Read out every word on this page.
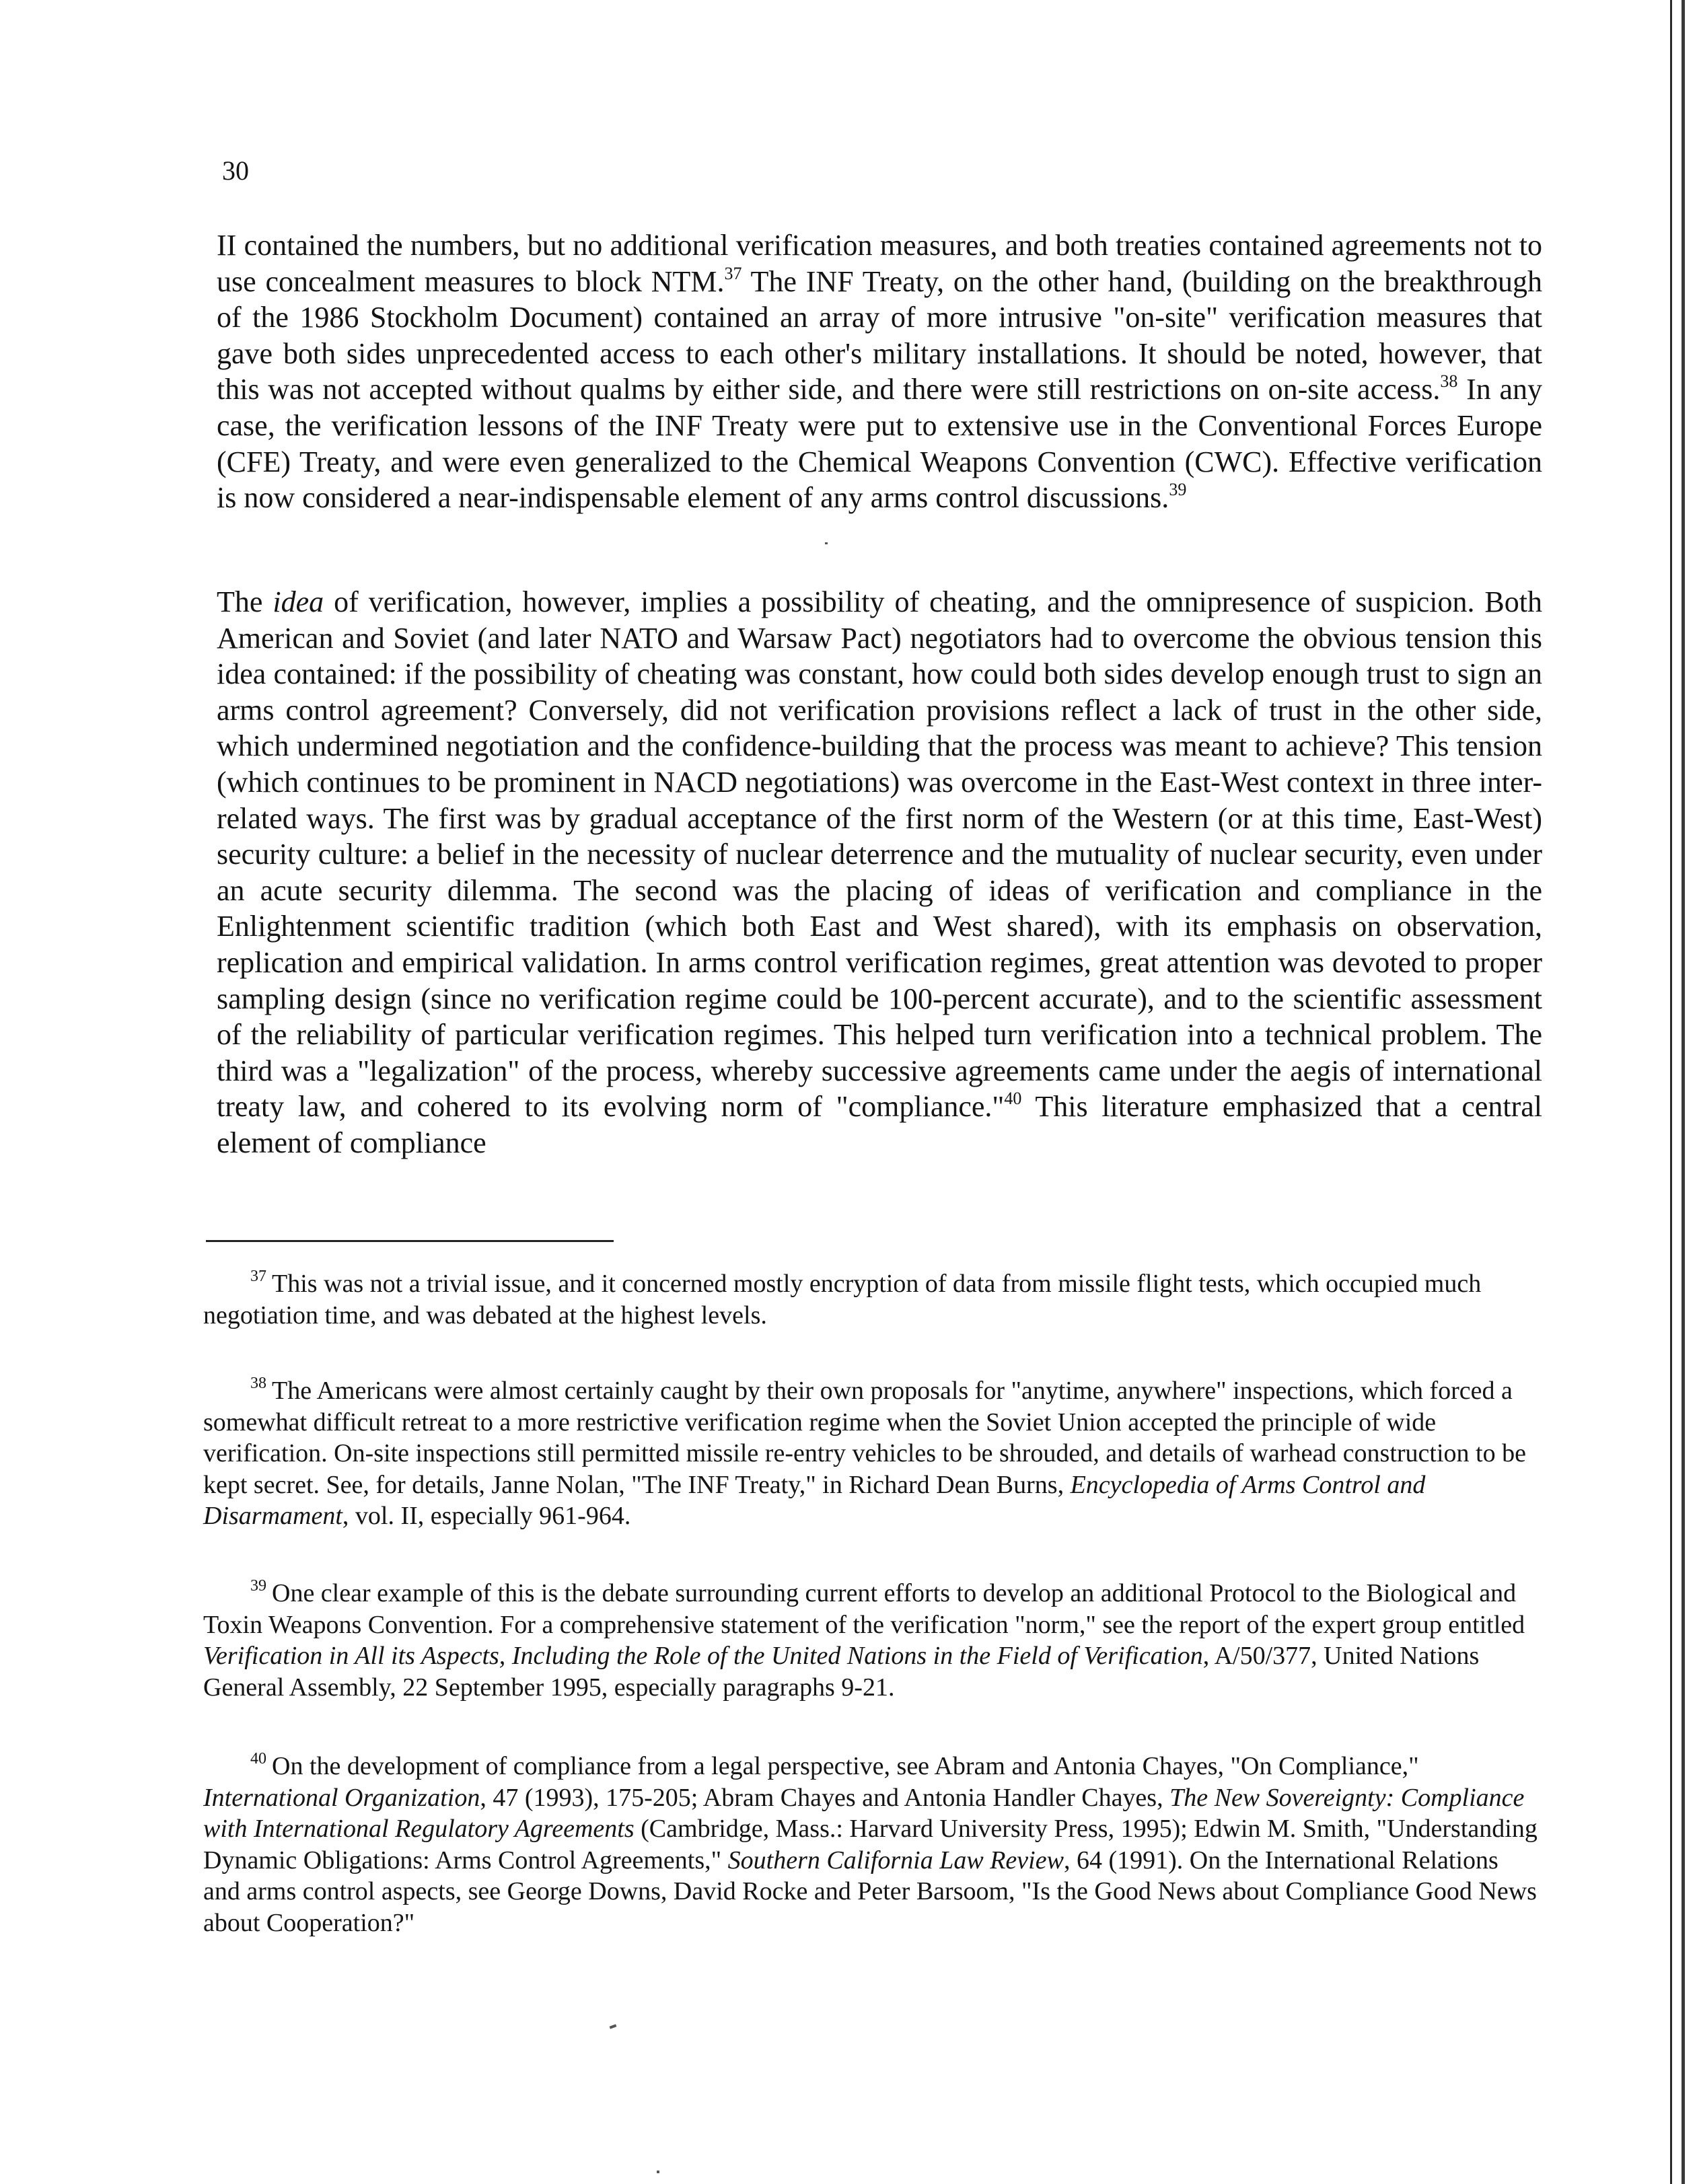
30

II contained the numbers, but no additional verification measures, and both treaties contained agreements not to use concealment measures to block NTM.$^{37}$ The INF Treaty, on the other hand, (building on the breakthrough of the 1986 Stockholm Document) contained an array of more intrusive "on-site" verification measures that gave both sides unprecedented access to each other's military installations. It should be noted, however, that this was not accepted without qualms by either side, and there were still restrictions on on-site access.$^{38}$ In any case, the verification lessons of the INF Treaty were put to extensive use in the Conventional Forces Europe (CFE) Treaty, and were even generalized to the Chemical Weapons Convention (CWC). Effective verification is now considered a near-indispensable element of any arms control discussions.$^{39}$

The idea of verification, however, implies a possibility of cheating, and the omnipresence of suspicion. Both American and Soviet (and later NATO and Warsaw Pact) negotiators had to overcome the obvious tension this idea contained: if the possibility of cheating was constant, how could both sides develop enough trust to sign an arms control agreement? Conversely, did not verification provisions reflect a lack of trust in the other side, which undermined negotiation and the confidence-building that the process was meant to achieve? This tension (which continues to be prominent in NACD negotiations) was overcome in the East-West context in three inter-related ways. The first was by gradual acceptance of the first norm of the Western (or at this time, East-West) security culture: a belief in the necessity of nuclear deterrence and the mutuality of nuclear security, even under an acute security dilemma. The second was the placing of ideas of verification and compliance in the Enlightenment scientific tradition (which both East and West shared), with its emphasis on observation, replication and empirical validation. In arms control verification regimes, great attention was devoted to proper sampling design (since no verification regime could be 100-percent accurate), and to the scientific assessment of the reliability of particular verification regimes. This helped turn verification into a technical problem. The third was a "legalization" of the process, whereby successive agreements came under the aegis of international treaty law, and cohered to its evolving norm of "compliance."$^{40}$ This literature emphasized that a central element of compliance

$^{37}$ This was not a trivial issue, and it concerned mostly encryption of data from missile flight tests, which occupied much negotiation time, and was debated at the highest levels.

$^{38}$ The Americans were almost certainly caught by their own proposals for "anytime, anywhere" inspections, which forced a somewhat difficult retreat to a more restrictive verification regime when the Soviet Union accepted the principle of wide verification. On-site inspections still permitted missile re-entry vehicles to be shrouded, and details of warhead construction to be kept secret. See, for details, Janne Nolan, "The INF Treaty," in Richard Dean Burns, Encyclopedia of Arms Control and Disarmament, vol. II, especially 961-964.

$^{39}$ One clear example of this is the debate surrounding current efforts to develop an additional Protocol to the Biological and Toxin Weapons Convention. For a comprehensive statement of the verification "norm," see the report of the expert group entitled Verification in All its Aspects, Including the Role of the United Nations in the Field of Verification, A/50/377, United Nations General Assembly, 22 September 1995, especially paragraphs 9-21.

$^{40}$ On the development of compliance from a legal perspective, see Abram and Antonia Chayes, "On Compliance," International Organization, 47 (1993), 175-205; Abram Chayes and Antonia Handler Chayes, The New Sovereignty: Compliance with International Regulatory Agreements (Cambridge, Mass.: Harvard University Press, 1995); Edwin M. Smith, "Understanding Dynamic Obligations: Arms Control Agreements," Southern California Law Review, 64 (1991). On the International Relations and arms control aspects, see George Downs, David Rocke and Peter Barsoom, "Is the Good News about Compliance Good News about Cooperation?"
